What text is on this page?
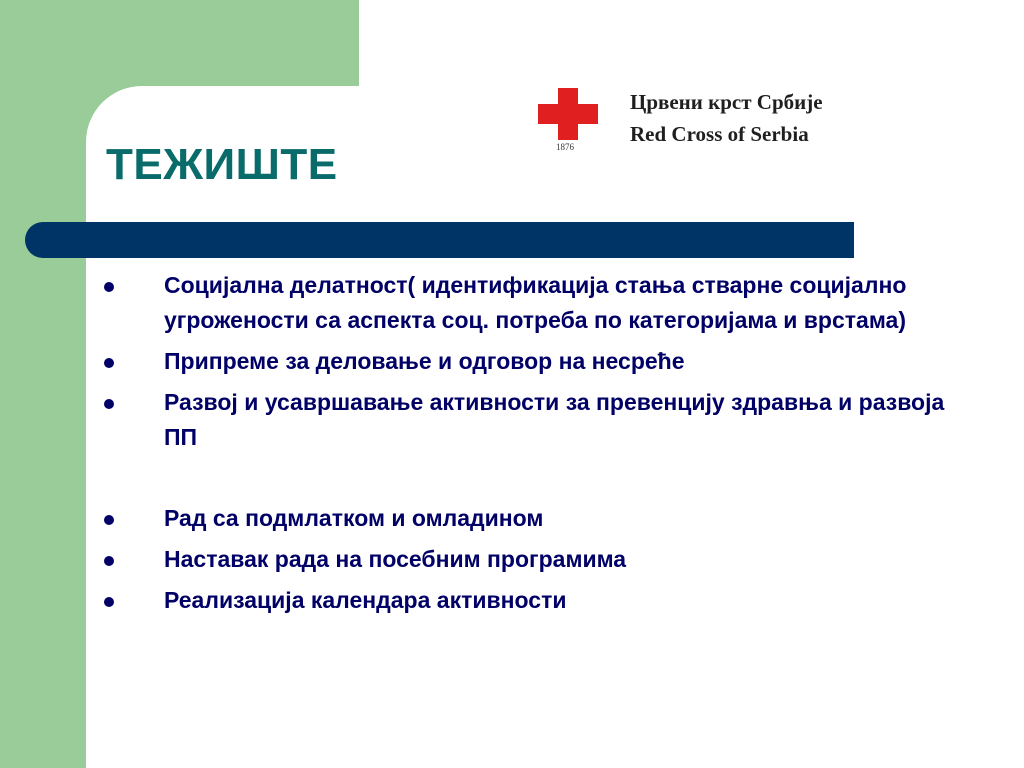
1876
Црвени крст Србије
Red Cross of Serbia
ТЕЖИШТЕ
Социјална делатност( идентификација стања стварне социјално угрожености са аспекта соц. потреба по категоријама и врстама)
Припреме за деловање и одговор на несреће
Развој и усавршавање активности за превенцију здравња и развоја ПП
Рад са подмлатком и омладином
Наставак рада на посебним програмима
Реализација календара активности
